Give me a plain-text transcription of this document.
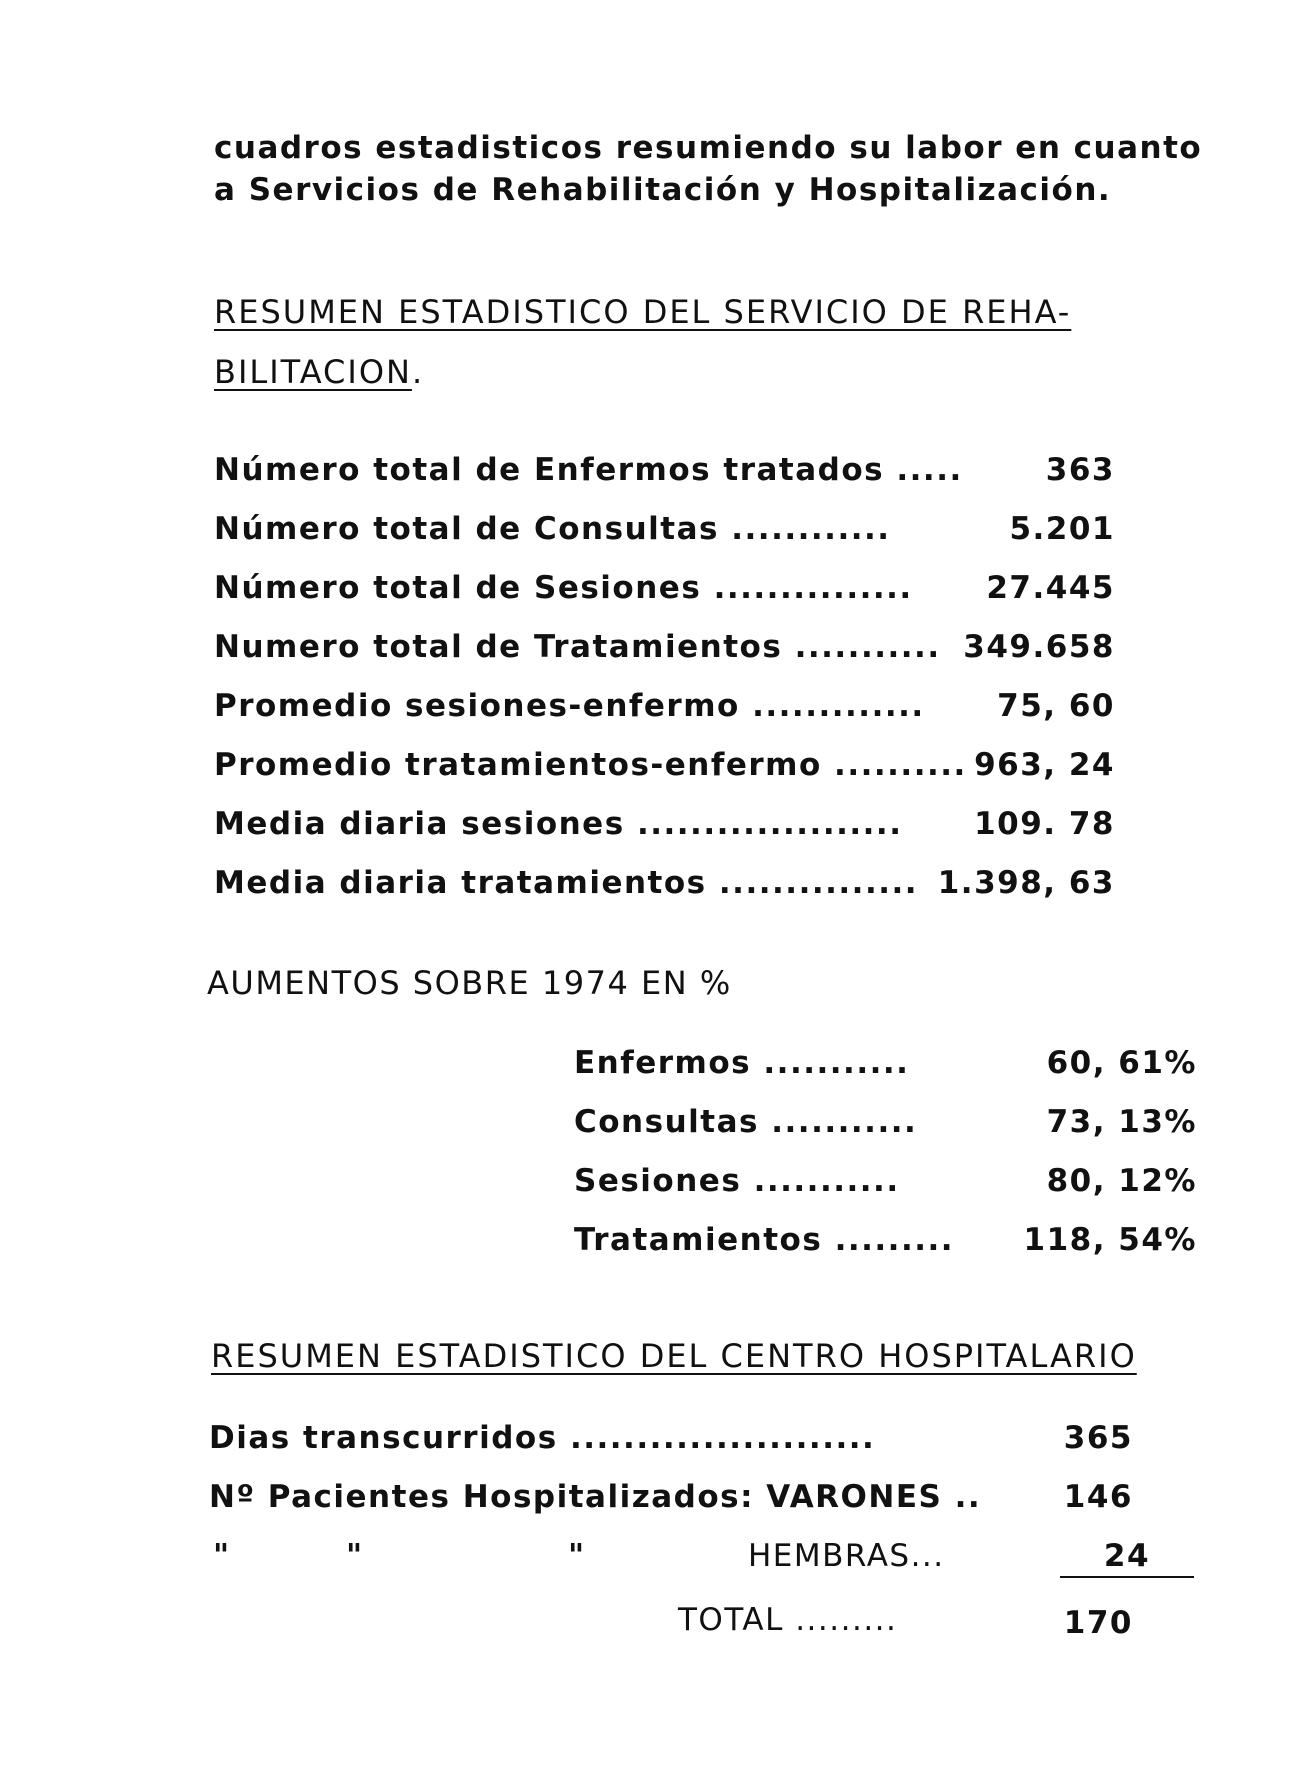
cuadros estadisticos resumiendo su labor en cuanto
a Servicios de Rehabilitación y Hospitalización.
RESUMEN ESTADISTICO DEL SERVICIO DE REHA-
BILITACION.
Número total de Enfermos tratados .....	363
Número total de Consultas ............	5.201
Número total de Sesiones ............... 27.445
Numero total de Tratamientos ........... 349.658
Promedio sesiones-enfermo ............. 75, 60
Promedio tratamientos-enfermo .......... 963, 24
Media diaria sesiones .................... 109. 78
Media diaria tratamientos ............... 1.398, 63
AUMENTOS SOBRE 1974 EN %
Enfermos ...........	60, 61%
Consultas ...........	73, 13%
Sesiones ...........	80, 12%
Tratamientos ......... 118, 54%
RESUMEN ESTADISTICO DEL CENTRO HOSPITALARIO
Dias transcurridos .......................	365
Nº Pacientes Hospitalizados: VARONES ..	146
"	"	"	HEMBRAS...	24
TOTAL .........	170
